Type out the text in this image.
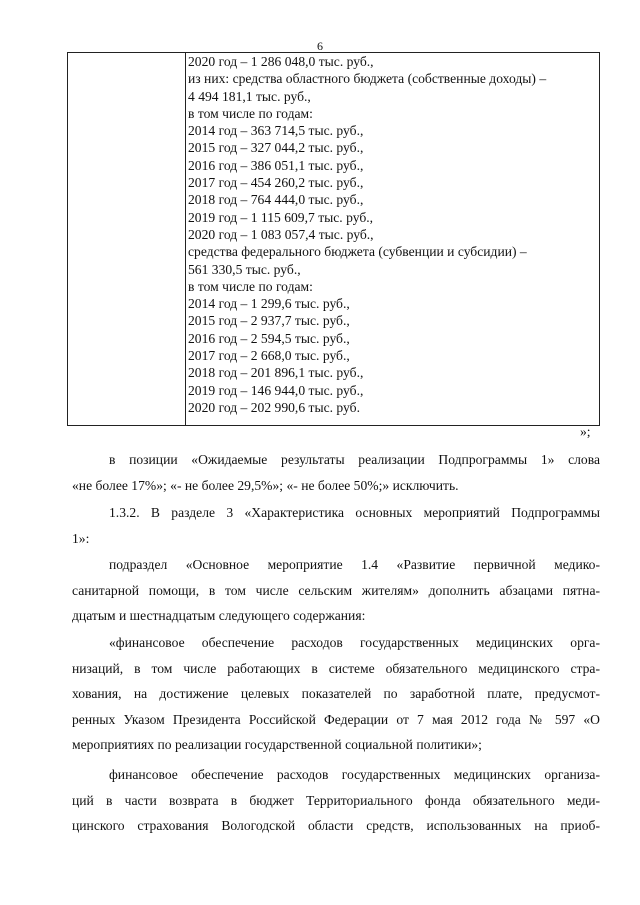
6
2020 год – 1 286 048,0 тыс. руб.,
из них: средства областного бюджета (собственные доходы) –
4 494 181,1 тыс. руб.,
в том числе по годам:
2014 год – 363 714,5 тыс. руб.,
2015 год – 327 044,2 тыс. руб.,
2016 год – 386 051,1 тыс. руб.,
2017 год – 454 260,2 тыс. руб.,
2018 год – 764 444,0 тыс. руб.,
2019 год – 1 115 609,7 тыс. руб.,
2020 год – 1 083 057,4 тыс. руб.,
средства федерального бюджета (субвенции и субсидии) –
561 330,5 тыс. руб.,
в том числе по годам:
2014 год – 1 299,6 тыс. руб.,
2015 год – 2 937,7 тыс. руб.,
2016 год – 2 594,5 тыс. руб.,
2017 год – 2 668,0 тыс. руб.,
2018 год – 201 896,1 тыс. руб.,
2019 год – 146 944,0 тыс. руб.,
2020 год – 202 990,6 тыс. руб.
»;
в позиции «Ожидаемые результаты реализации Подпрограммы 1» слова
«не более 17%»; «- не более 29,5%»; «- не более 50%;» исключить.
1.3.2. В разделе 3 «Характеристика основных мероприятий Подпрограммы
1»:
подраздел «Основное мероприятие 1.4 «Развитие первичной медико-
санитарной помощи, в том числе сельским жителям» дополнить абзацами пятна-
дцатым и шестнадцатым следующего содержания:
«финансовое обеспечение расходов государственных медицинских орга-
низаций, в том числе работающих в системе обязательного медицинского стра-
хования, на достижение целевых показателей по заработной плате, предусмот-
ренных Указом Президента Российской Федерации от 7 мая 2012 года № 597 «О
мероприятиях по реализации государственной социальной политики»;
финансовое обеспечение расходов государственных медицинских организа-
ций в части возврата в бюджет Территориального фонда обязательного меди-
цинского страхования Вологодской области средств, использованных на приоб-
